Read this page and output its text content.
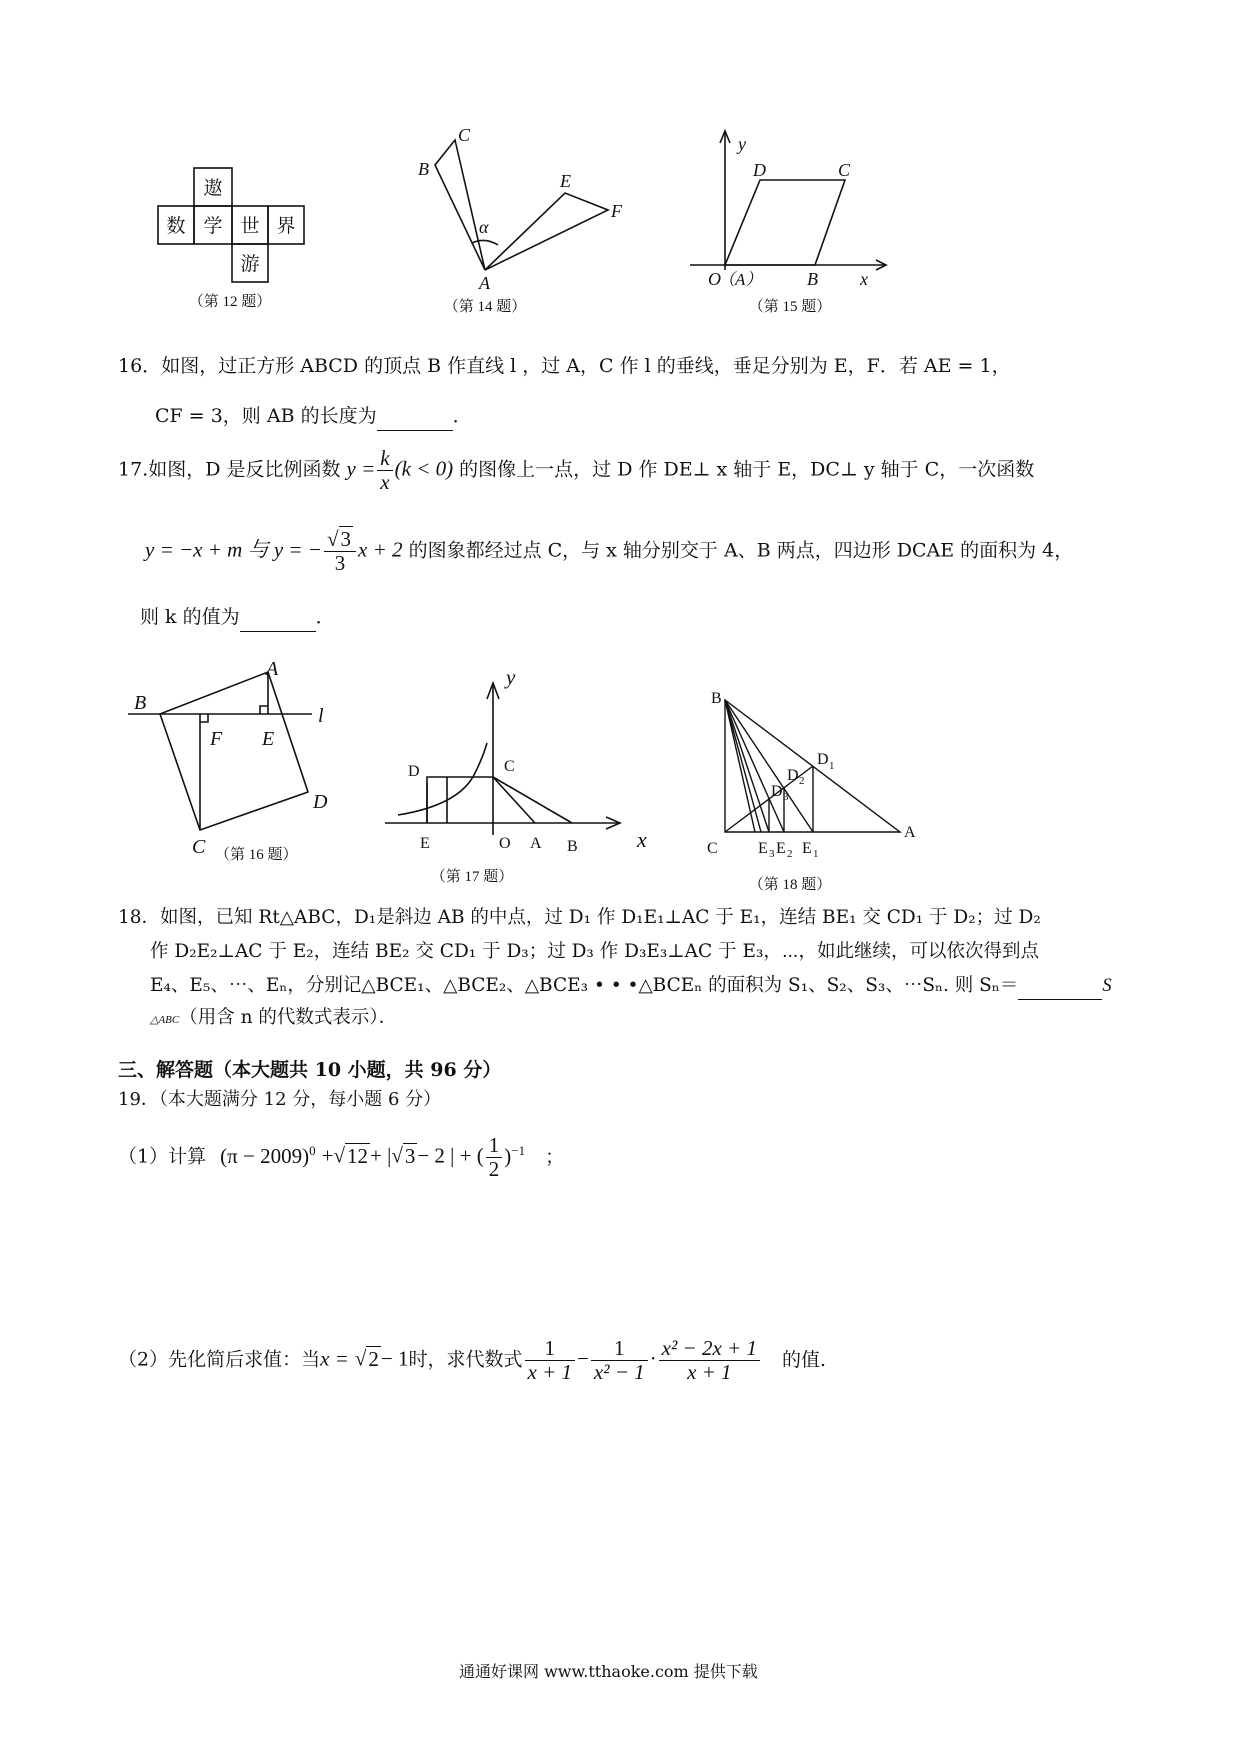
遨
数 学 世 界
游
（第 12 题）
C
B
E
F
α
A
（第 14 题）
y
D	C
O
（A） B x
（第 15 题）
16．如图，过正方形 ABCD 的顶点 B 作直线 l ，过 A，C 作 l 的垂线，垂足分别为 E，F．若 AE = 1，
CF = 3，则 AB 的长度为	．
17.如图，D 是反比例函数 $y = \frac{k}{x} (k < 0)$ 的图像上一点，过 D 作 DE⊥ x 轴于 E，DC⊥ y 轴于 C，一次函数
y = −x + m 与 y = − $\frac{√3}{3}$ x + 2 的图象都经过点 C，与 x 轴分别交于 A、B 两点，四边形 DCAE 的面积为 4，
则 k 的值为	．
B
A
l
F E
D
C （第 16 题）
y
D	C
E	O A B	x
（第 17 题）
B
D 1
D 2
D 3
C	E 3 E 2 E 1
A
（第 18 题）
18．如图，已知 Rt△ABC，D₁是斜边 AB 的中点，过 D₁ 作 D₁E₁⊥AC 于 E₁，连结 BE₁ 交 CD₁ 于 D₂；过 D₂
作 D₂E₂⊥AC 于 E₂，连结 BE₂ 交 CD₁ 于 D₃；过 D₃ 作 D₃E₃⊥AC 于 E₃，⋯，如此继续，可以依次得到点
E₄、E₅、⋯、Eₙ，分别记△BCE₁、△BCE₂、△BCE₃ • • •△BCEₙ 的面积为 S₁、S₂、S₃、⋯Sₙ. 则 Sₙ＝	S
△ABC（用含 n 的代数式表示）．
三、解答题（本大题共 10 小题，共 96 分）
19．（本大题满分 12 分，每小题 6 分）
（1）计算 $(\pi - 2009)^0 +√12+ |√3- 2$ | + ( $\frac{1}{2} )^{-1}$ ；
（2）先化简后求值：当x = √2− 1时，求代数式 $\frac{1}{x + 1} - \frac{1}{\text{x² − 1}} \cdot \frac{\text{x² − 2x + 1}}{x + 1}$ 的值.
通通好课网 www.tthaoke.com 提供下载
